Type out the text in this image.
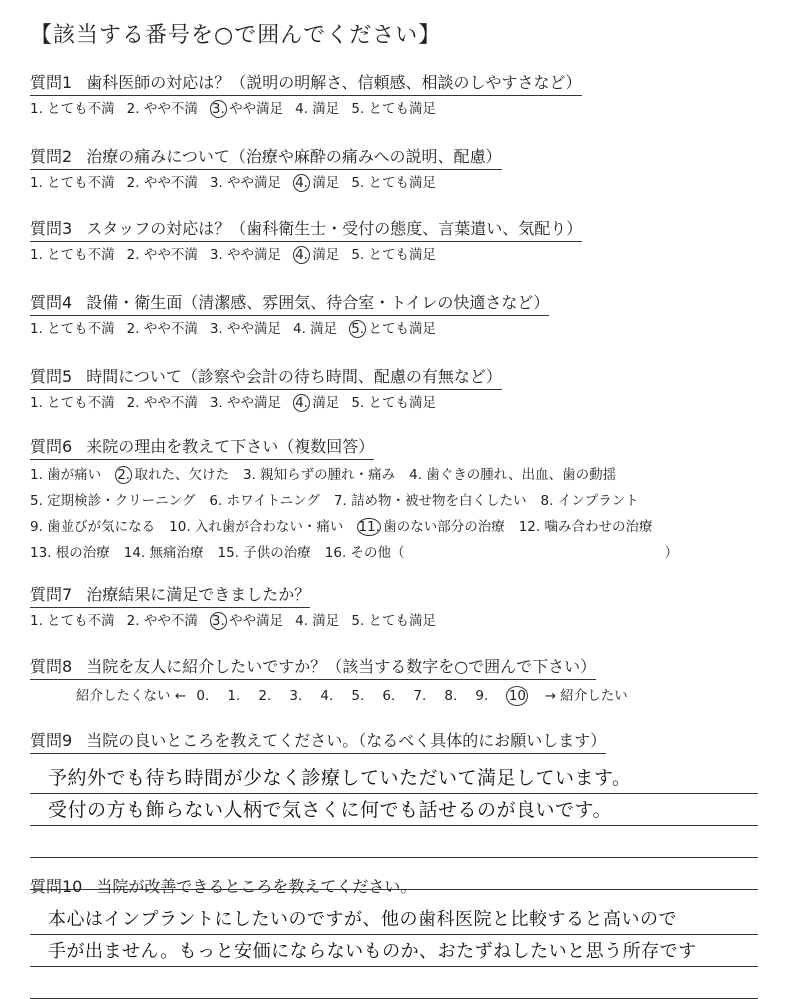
【該当する番号を○で囲んでください】
質問1 歯科医師の対応は？（説明の明解さ、信頼感、相談のしやすさなど）
1. とても不満 2. やや不満 3. やや満足 4. 満足 5. とても満足
質問2 治療の痛みについて（治療や麻酔の痛みへの説明、配慮）
1. とても不満 2. やや不満 3. やや満足 4. 満足 5. とても満足
質問3 スタッフの対応は？（歯科衛生士・受付の態度、言葉遣い、気配り）
1. とても不満 2. やや不満 3. やや満足 4. 満足 5. とても満足
質問4 設備・衛生面（清潔感、雰囲気、待合室・トイレの快適さなど）
1. とても不満 2. やや不満 3. やや満足 4. 満足 5. とても満足
質問5 時間について（診察や会計の待ち時間、配慮の有無など）
1. とても不満 2. やや不満 3. やや満足 4. 満足 5. とても満足
質問6 来院の理由を教えて下さい（複数回答）
1. 歯が痛い 2. 取れた、欠けた 3. 親知らずの腫れ・痛み 4. 歯ぐきの腫れ、出血、歯の動揺
5. 定期検診・クリーニング 6. ホワイトニング 7. 詰め物・被せ物を白くしたい 8. インプラント
9. 歯並びが気になる 10. 入れ歯が合わない・痛い 11. 歯のない部分の治療 12. 噛み合わせの治療
13. 根の治療 14. 無痛治療 15. 子供の治療 16. その他（	）
質問7 治療結果に満足できましたか？
1. とても不満 2. やや不満 3. やや満足 4. 満足 5. とても満足
質問8 当院を友人に紹介したいですか？（該当する数字を○で囲んで下さい）
紹介したくない ← 0. 1. 2. 3. 4. 5. 6. 7. 8. 9. 10 → 紹介したい
質問9 当院の良いところを教えてください。（なるべく具体的にお願いします）
予約外でも待ち時間が少なく診療していただいて満足しています。
受付の方も飾らない人柄で気さくに何でも話せるのが良いです。
質問10 当院が改善できるところを教えてください。
本心はインプラントにしたいのですが、他の歯科医院と比較すると高いので
手が出ません。もっと安価にならないものか、おたずねしたいと思う所存です
